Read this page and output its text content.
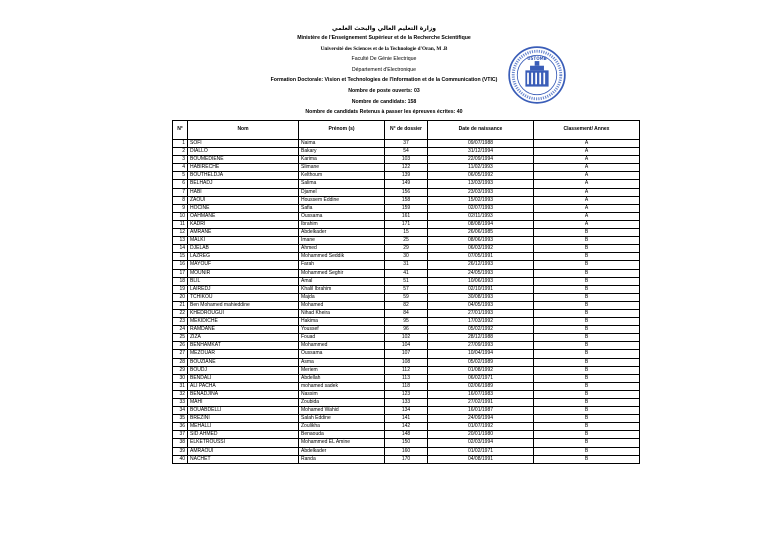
وزارة التعليم العالي والبحث العلمي
Ministère de l'Enseignement Supérieur et de la Recherche Scientifique
Université des Sciences et de la Technologie d'Oran, M .B
Faculté De Génie Electrique
Département d'Electronique
Formation Doctorale: Vision et Technologies de l'Information et de la Communication (VTIC)
Nombre de poste ouverts: 03
Nombre de candidats: 158
Nombre de candidats Retenus à passer les épreuves écrites: 40
USTOMB
N°	Nom	Prénom (s)	N° de dossier	Date de naissance	Classement/ Annex
1	SOFI	Naima	37	09/07/1988	A
2	DIALLO	Bakary	54	31/12/1994	A
3	BOUMEDIENE	Karima	103	22/09/1994	A
4	HABIRECHE	Slimane	122	11/02/1993	A
5	BOUTHELDJA	Kelthoum	139	06/05/1992	A
6	BELHADJ	Salima	149	13/03/1993	A
7	HABI	Djamel	156	23/03/1993	A
8	ZAOUI	Houssem Eddine	158	15/02/1993	A
9	HOCINE	Safia	159	02/07/1993	A
10	OAHMANE	Oussama	161	02/11/1993	A
11	KADRI	Ibrahim	171	08/08/1994	A
12	AMRANE	Abdelkader	15	26/06/1985	B
13	MALKI	Imane	25	08/06/1993	B
14	DJELAB	Ahmed	29	06/03/1992	B
15	LAZREG	Mohammed Seddik	30	07/05/1991	B
16	MAYOUF	Farah	31	26/12/1993	B
17	MOUNIR	Mohammed Seghir	41	24/05/1993	B
18	BLIL	Amal	51	10/06/1993	B
19	LAIREDJ	Khalil Ibrahim	57	02/10/1991	B
20	TCHIKOU	Majda	59	30/08/1993	B
21	Ben Mohamed mahieddine	Mohamed	82	04/05/1993	B
22	KHEDROUGUI	Nihad Kheira	84	27/01/1993	B
23	MEKIDICHE	Hakima	95	17/03/1992	B
24	RAMDANE	Youssef	96	05/02/1992	B
25	ZIZA	Fouad	102	28/12/1988	B
26	BENHAMKAT	Mohammed	104	27/09/1993	B
27	MEZOUAR	Oussama	107	10/04/1994	B
28	BOUZIANE	Asma	108	05/02/1989	B
29	BOUDJ	Meriem	112	01/08/1992	B
30	BENDALI	Abdellah	113	06/02/1971	B
31	ALI PACHA	mohamed sadek	118	02/06/1989	B
32	BENADJINA	Nassim	123	16/07/1983	B
33	MAHI	Zoubida	133	27/02/1991	B
34	BOUABDELLI	Mohamed Wahid	134	16/01/1987	B
35	BREZINI	Salah Eddine	141	24/09/1994	B
36	MEHALLI	Zoulikha	142	01/07/1992	B
37	SID AHMED	Benaouda	148	20/01/1980	B
38	ELKETROUSSI	Mohammed EL Amine	150	02/03/1994	B
39	AMRAOUI	Abdelkader	160	01/02/1971	B
40	NACHET	Randa	170	04/08/1991	B
